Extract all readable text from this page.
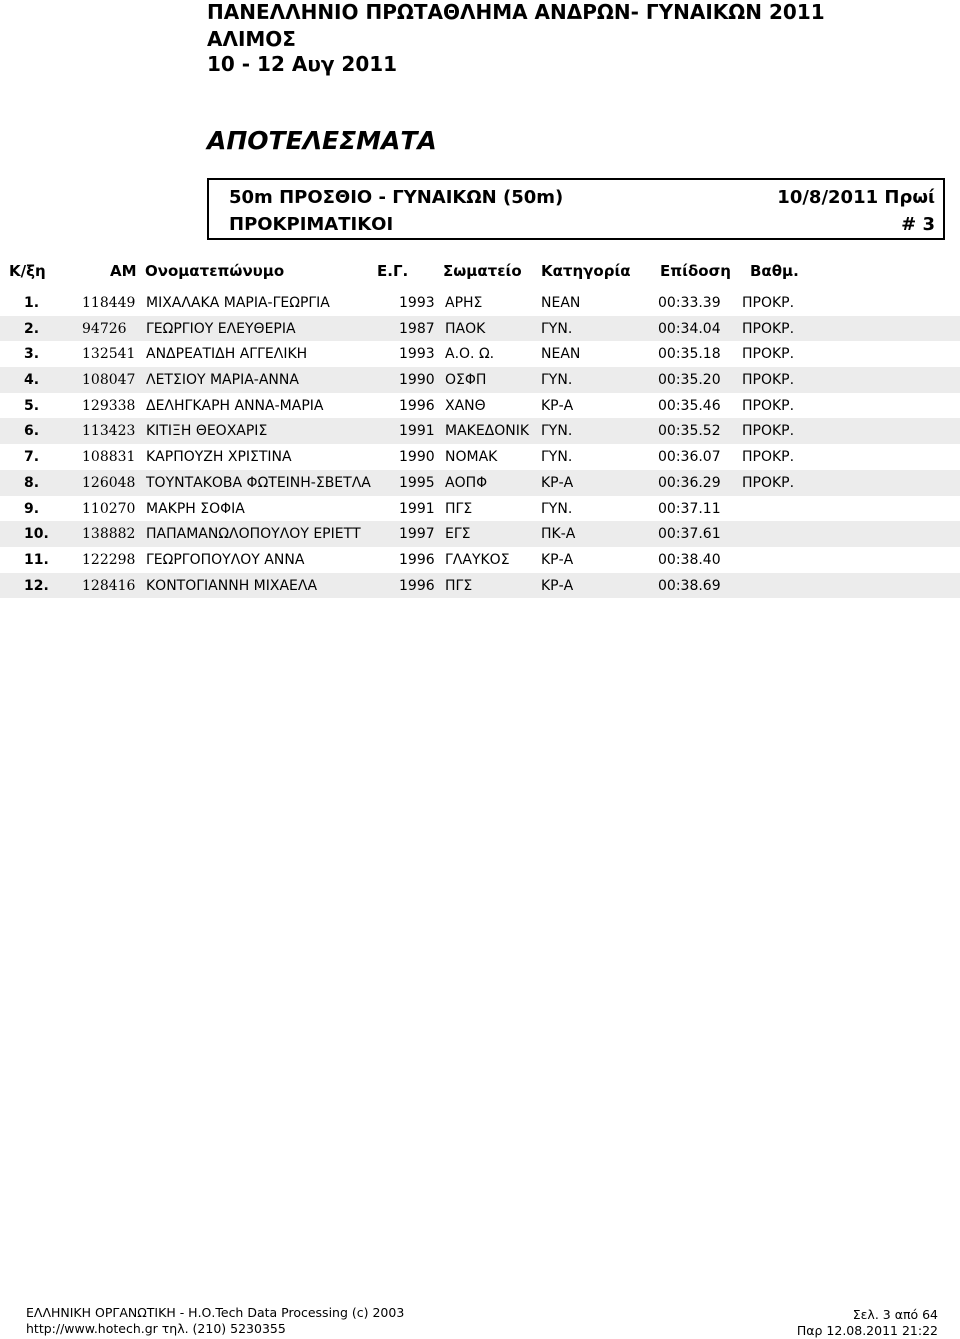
ΠΑΝΕΛΛΗΝΙΟ ΠΡΩΤΑΘΛΗΜΑ ΑΝΔΡΩΝ- ΓΥΝΑΙΚΩΝ 2011
ΑΛΙΜΟΣ
10 - 12 Αυγ 2011
ΑΠΟΤΕΛΕΣΜΑΤΑ
50m ΠΡΟΣΘΙΟ - ΓΥΝΑΙΚΩΝ (50m)	10/8/2011 Πρωί
ΠΡΟΚΡΙΜΑΤΙΚΟΙ	# 3
Κ/ξη	ΑΜ Ονοματεπώνυμο	Ε.Γ. Σωματείο Κατηγορία Επίδοση Βαθμ.
1.	118449 ΜΙΧΑΛΑΚΑ ΜΑΡΙΑ-ΓΕΩΡΓΙΑ	1993 ΑΡΗΣ	ΝΕΑΝ	00:33.39 ΠΡΟΚΡ.
2.	94726 ΓΕΩΡΓΙΟΥ ΕΛΕΥΘΕΡΙΑ	1987 ΠΑΟΚ	ΓΥΝ.	00:34.04 ΠΡΟΚΡ.
3.	132541 ΑΝΔΡΕΑΤΙΔΗ ΑΓΓΕΛΙΚΗ	1993 Α.Ο. Ω.	ΝΕΑΝ	00:35.18 ΠΡΟΚΡ.
4.	108047 ΛΕΤΣΙΟΥ ΜΑΡΙΑ-ΑΝΝΑ	1990 ΟΣΦΠ	ΓΥΝ.	00:35.20 ΠΡΟΚΡ.
5.	129338 ΔΕΛΗΓΚΑΡΗ ΑΝΝΑ-ΜΑΡΙΑ	1996 ΧΑΝΘ	ΚΡ-Α	00:35.46 ΠΡΟΚΡ.
6.	113423 ΚΙΤΙΞΗ ΘΕΟΧΑΡΙΣ	1991 ΜΑΚΕΔΟΝΙΚ ΓΥΝ.	00:35.52 ΠΡΟΚΡ.
7.	108831 ΚΑΡΠΟΥΖΗ ΧΡΙΣΤΙΝΑ	1990 ΝΟΜΑΚ	ΓΥΝ.	00:36.07 ΠΡΟΚΡ.
8.	126048 ΤΟΥΝΤΑΚΟΒΑ ΦΩΤΕΙΝΗ-ΣΒΕΤΛΑ 1995 ΑΟΠΦ	ΚΡ-Α	00:36.29 ΠΡΟΚΡ.
9.	110270 ΜΑΚΡΗ ΣΟΦΙΑ	1991 ΠΓΣ	ΓΥΝ.	00:37.11
10. 138882 ΠΑΠΑΜΑΝΩΛΟΠΟΥΛΟΥ ΕΡΙΕΤΤ	1997 ΕΓΣ	ΠΚ-Α	00:37.61
11. 122298 ΓΕΩΡΓΟΠΟΥΛΟΥ ΑΝΝΑ	1996 ΓΛΑΥΚΟΣ ΚΡ-Α	00:38.40
12. 128416 ΚΟΝΤΟΓΙΑΝΝΗ ΜΙΧΑΕΛΑ	1996 ΠΓΣ	ΚΡ-Α	00:38.69
ΕΛΛΗΝΙΚΗ ΟΡΓΑΝΩΤΙΚΗ - Η.Ο.Tech Data Processing (c) 2003
http://www.hotech.gr τηλ. (210) 5230355
Σελ. 3 από 64
Παρ 12.08.2011 21:22
